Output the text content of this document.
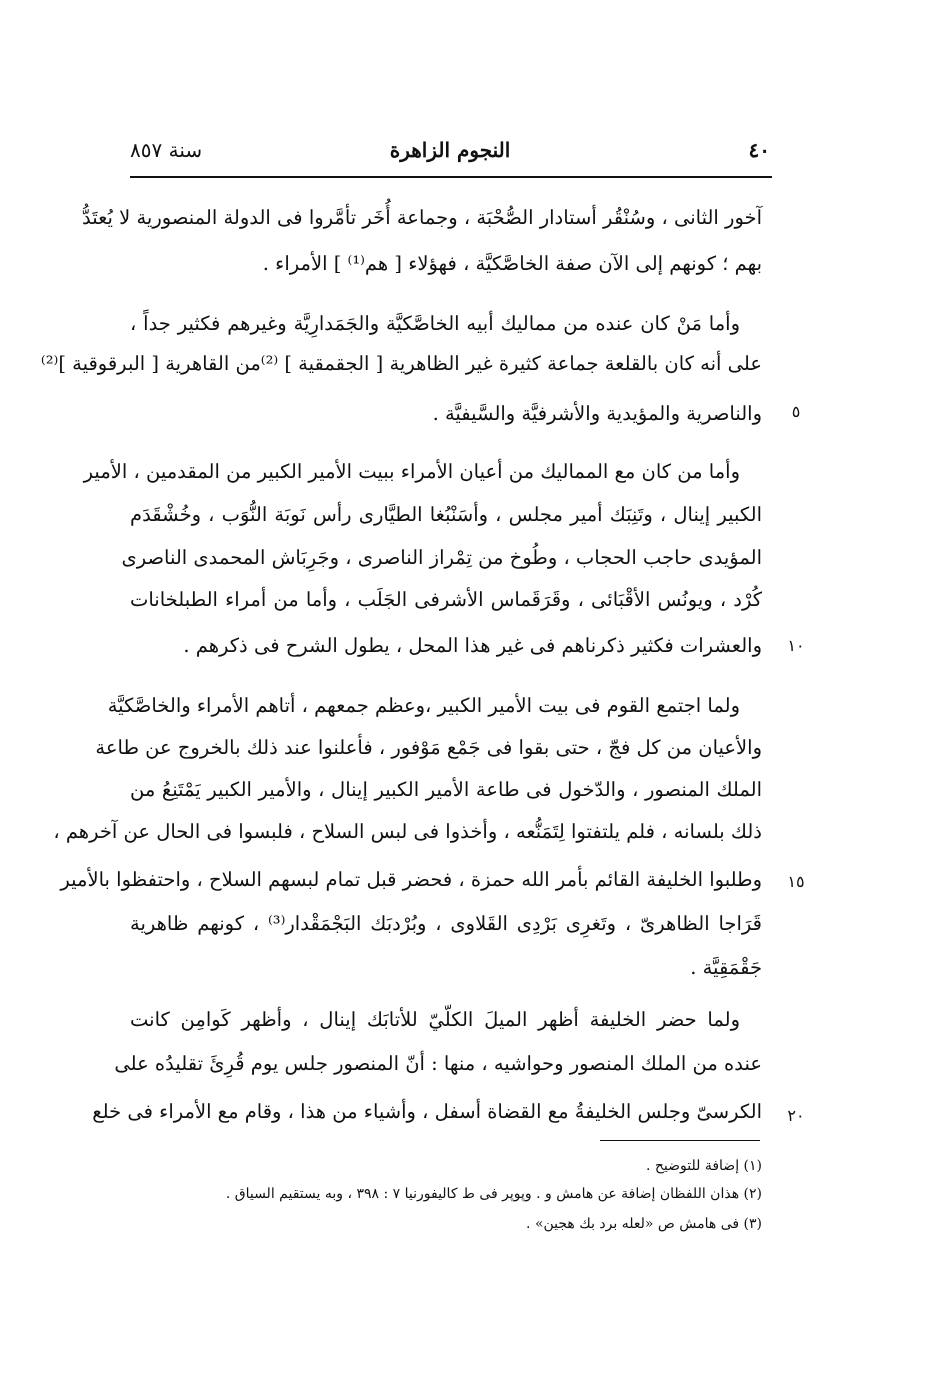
٤٠
النجوم الزاهرة
سنة ٨٥٧
آخور الثانى ، وسُنْقُر أستادار الصُّحْبَة ، وجماعة أُخَر تأمَّروا فى الدولة المنصورية لا يُعتَدُّ
بهم ؛ كونهم إلى الآن صفة الخاصَّكيَّة ، فهؤلاء [ هم⁽¹⁾ ] الأمراء .
وأما مَنْ كان عنده من مماليك أبيه الخاصَّكيَّة والجَمَدارِيَّة وغيرهم فكثير جداً ،
على أنه كان بالقلعة جماعة كثيرة غير الظاهرية [ الجقمقية ] ⁽²⁾من القاهرية [ البرقوقية ]⁽²⁾
والناصرية والمؤيدية والأشرفيَّة والسَّيفيَّة .	٥
وأما من كان مع المماليك من أعيان الأمراء ببيت الأمير الكبير من المقدمين ، الأمير
الكبير إينال ، وتَنِبَك أمير مجلس ، وأسَنْبُغا الطيَّارى رأس نَوبَة النُّوَب ، وخُشْقَدَم
المؤيدى حاجب الحجاب ، وطُوخ من تِمْراز الناصرى ، وجَرِبَاش المحمدى الناصرى
كُرْد ، ويونُس الأقْبَائى ، وقَرَقَماس الأشرفى الجَلَب ، وأما من أمراء الطبلخانات
والعشرات فكثير ذكرناهم فى غير هذا المحل ، يطول الشرح فى ذكرهم .	١٠
ولما اجتمع القوم فى بيت الأمير الكبير ،وعظم جمعهم ، أتاهم الأمراء والخاصَّكيَّة
والأعيان من كل فجّ ، حتى بقوا فى جَمْع مَوْفور ، فأعلنوا عند ذلك بالخروج عن طاعة
الملك المنصور ، والدّخول فى طاعة الأمير الكبير إينال ، والأمير الكبير يَمْتَنِعُ من
ذلك بلسانه ، فلم يلتفتوا لِتَمَنُّعه ، وأخذوا فى لبس السلاح ، فلبسوا فى الحال عن آخرهم ،
وطلبوا الخليفة القائم بأمر الله حمزة ، فحضر قبل تمام لبسهم السلاح ، واحتفظوا بالأمير	١٥
قَرَاجا الظاهرىّ ، وتَغرِى بَرْدِى القَلاوى ، وبُرْدبَك البَجْمَقْدار⁽³⁾ ، كونهم ظاهرية
جَقْمَقِيَّة .
ولما حضر الخليفة أظهر الميلَ الكلّيّ للأتابَك إينال ، وأظهر كَوامِن كانت
عنده من الملك المنصور وحواشيه ، منها : أنّ المنصور جلس يوم قُرِئَ تقليدُه على
الكرسىّ وجلس الخليفةُ مع القضاة أسفل ، وأشياء من هذا ، وقام مع الأمراء فى خلع	٢٠
(١) إضافة للتوضيح .
(٢) هذان اللفظان إضافة عن هامش و . وپوپر فى ط كاليفورنيا ٧ : ٣٩٨ ، وبه يستقيم السياق .
(٣) فى هامش ص «لعله برد بك هجين» .
